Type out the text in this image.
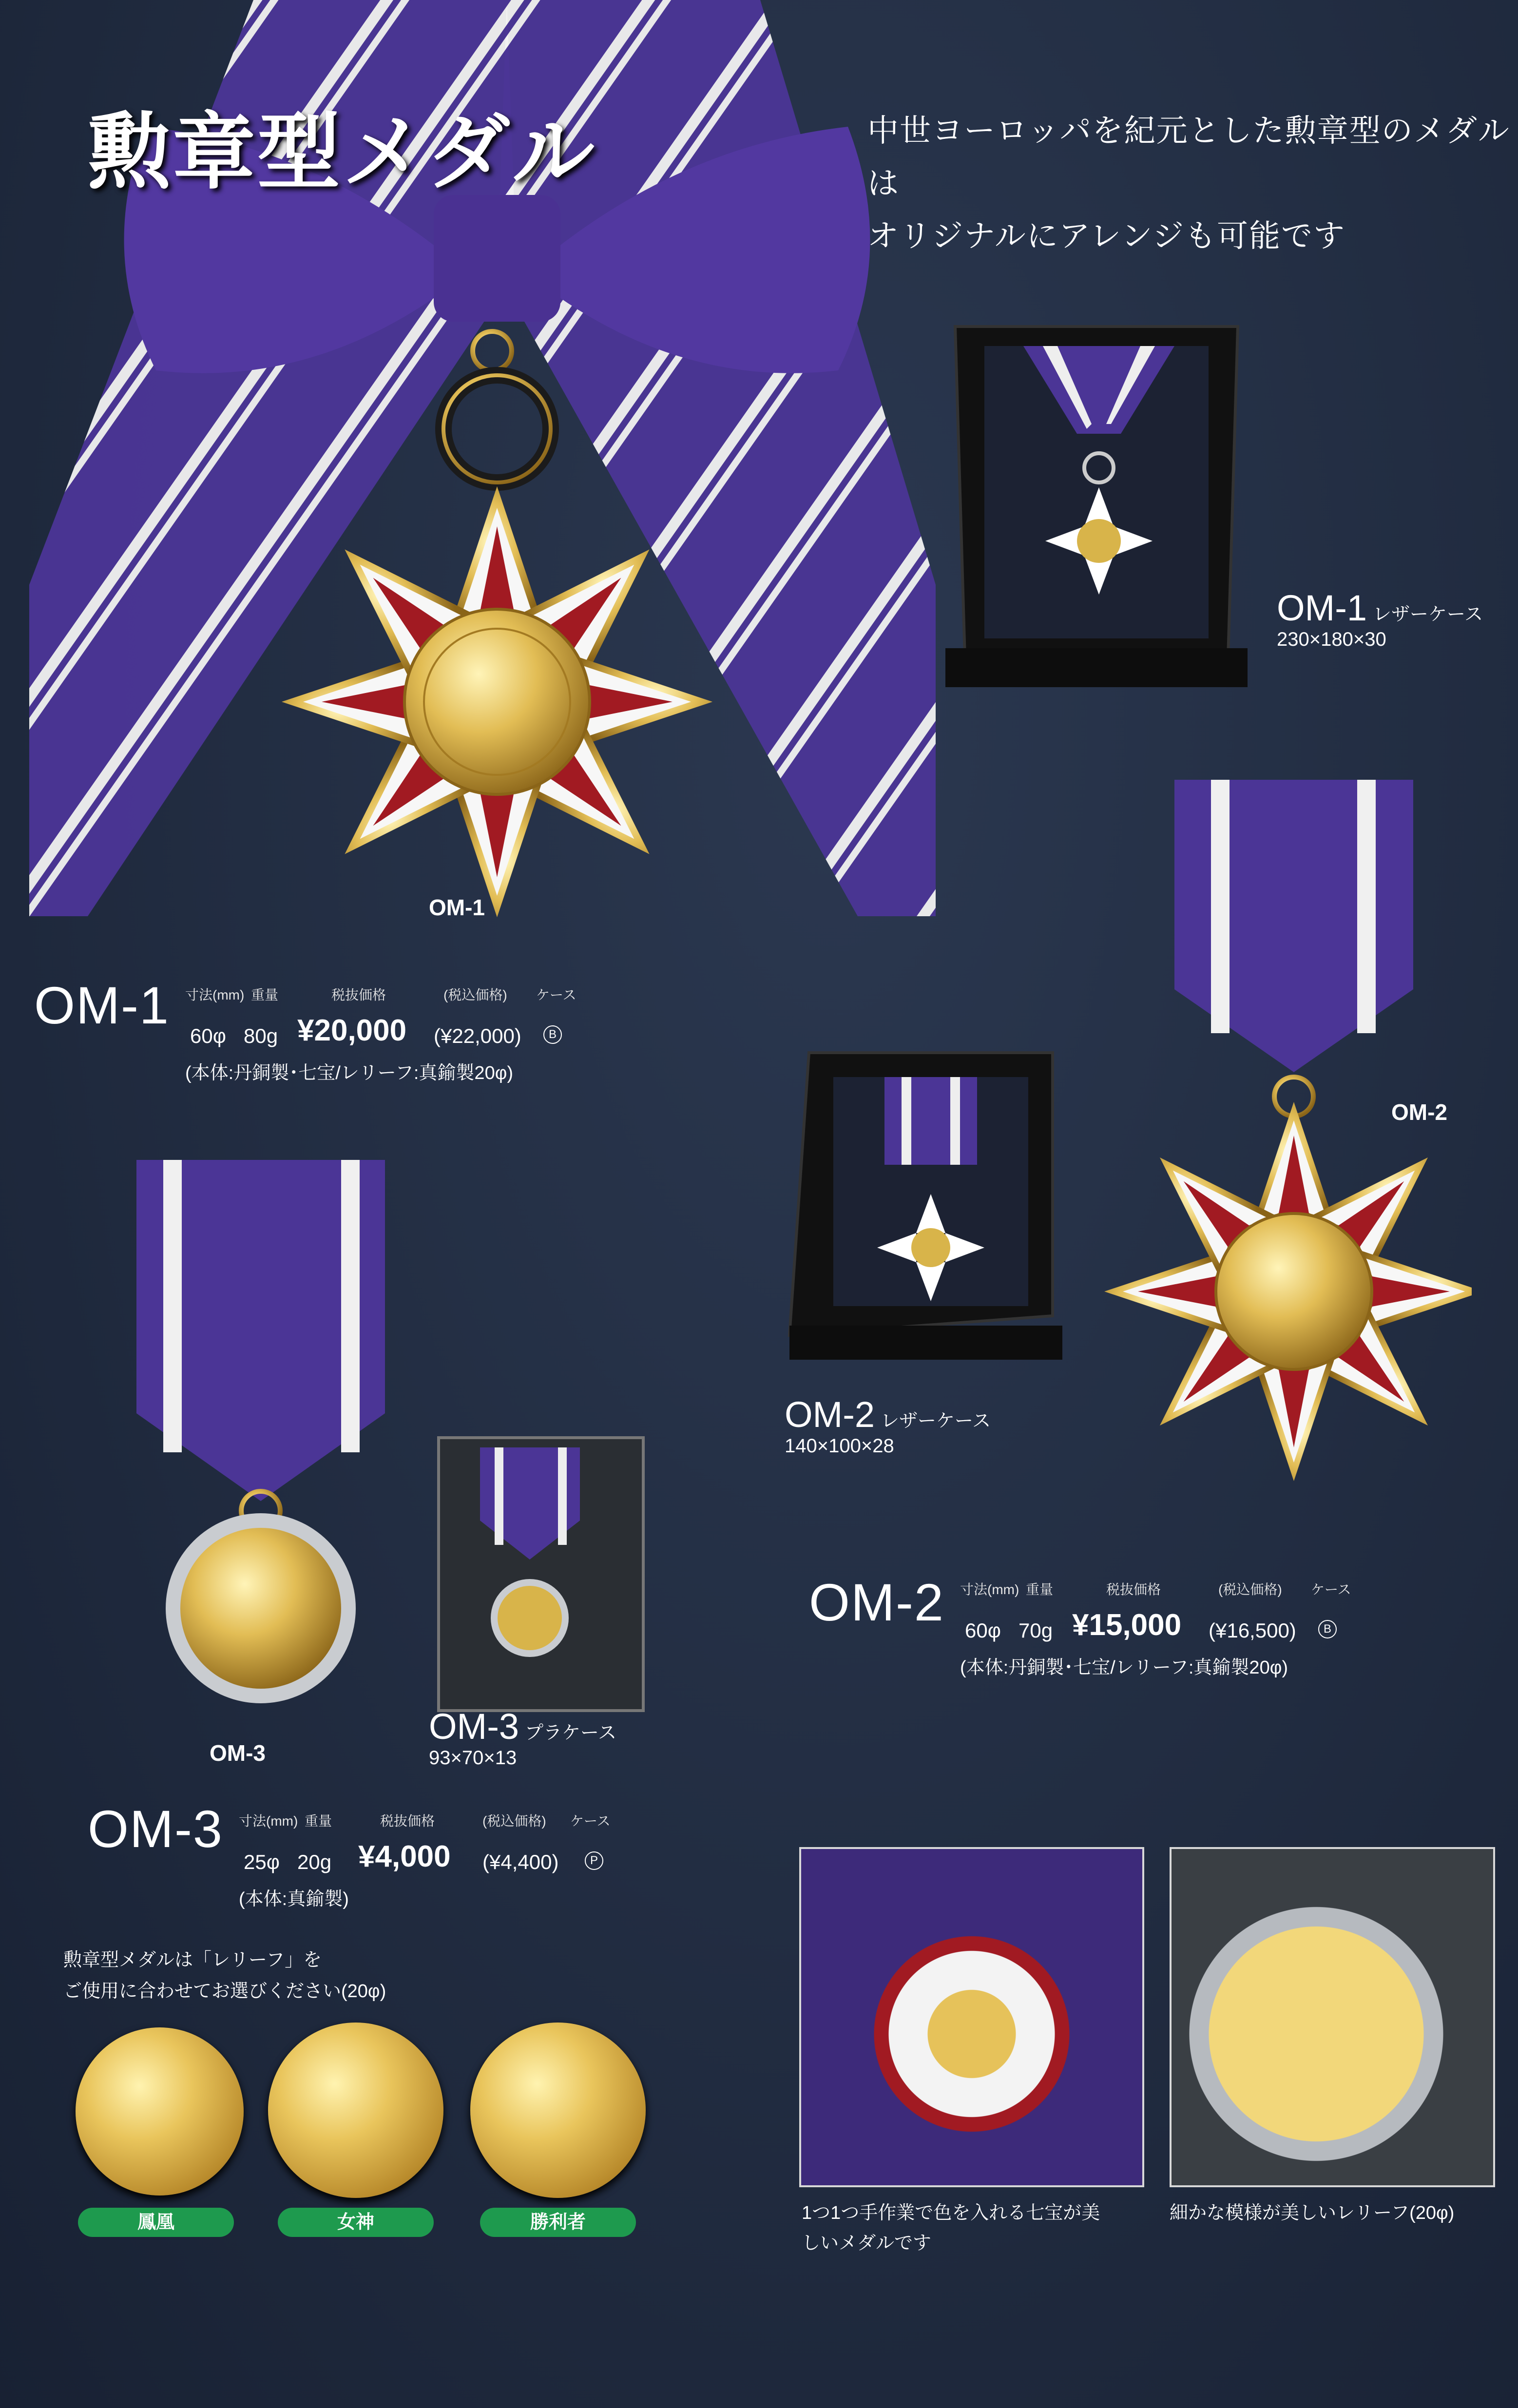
勲章型メダル	中世ヨーロッパを紀元とした勲章型のメダルは
オリジナルにアレンジも可能です
OM-1
OM-1 レザーケース
230×180×30
OM-1 寸法(mm) 重量	税抜価格	(税込価格) ケース
60φ 80g ¥20,000 (¥22,000)	B
(本体:丹銅製･七宝/レリーフ:真鍮製20φ)
OM-2
OM-2 レザーケース
140×100×28
OM-2 寸法(mm) 重量	税抜価格	(税込価格) ケース
60φ 70g ¥15,000 (¥16,500)	B
(本体:丹銅製･七宝/レリーフ:真鍮製20φ)
OM-3
OM-3 プラケース
93×70×13
OM-3 寸法(mm) 重量	税抜価格	(税込価格) ケース
25φ 20g ¥4,000 (¥4,400)	P
(本体:真鍮製)
勲章型メダルは「レリーフ」を
ご使用に合わせてお選びください(20φ)
鳳凰	女神	勝利者	1つ1つ手作業で色を入れる七宝が美
しいメダルです
細かな模様が美しいレリーフ(20φ)
